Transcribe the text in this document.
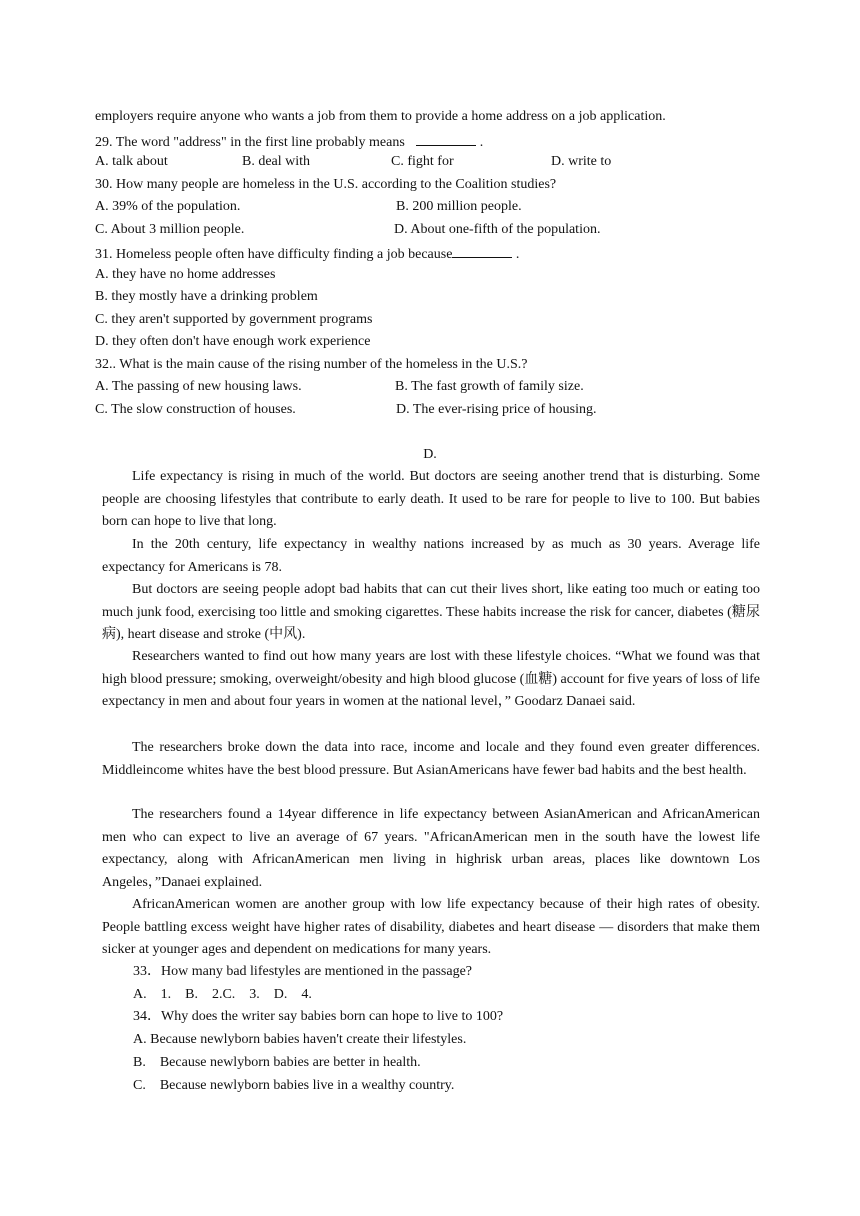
employers require anyone who wants a job from them to provide a home address on a job application.
29. The word "address" in the first line probably means	.
A. talk about	B. deal with	C. fight for	D. write to
30. How many people are homeless in the U.S. according to the Coalition studies?
A. 39% of the population.	B. 200 million people.
C. About 3 million people.	D. About one-fifth of the population.
31. Homeless people often have difficulty finding a job because	.
A. they have no home addresses
B. they mostly have a drinking problem
C. they aren't supported by government programs
D. they often don't have enough work experience
32.. What is the main cause of the rising number of the homeless in the U.S.?
A. The passing of new housing laws.	B. The fast growth of family size.
C. The slow construction of houses.	D. The ever-rising price of housing.
D.

Life expectancy is rising in much of the world. But doctors are seeing another trend that is disturbing. Some people are choosing lifestyles that contribute to early death. It used to be rare for people to live to 100. But babies born can hope to live that long.

In the 20th century, life expectancy in wealthy nations increased by as much as 30 years. Average life expectancy for Americans is 78.

But doctors are seeing people adopt bad habits that can cut their lives short, like eating too much or eating too much junk food, exercising too little and smoking cigarettes. These habits increase the risk for cancer, diabetes (糖尿病), heart disease and stroke (中风).

Researchers wanted to find out how many years are lost with these lifestyle choices. “What we found was that high blood pressure; smoking, overweight/obesity and high blood glucose (血糖) account for five years of loss of life expectancy in men and about four years in women at the national level，” Goodarz Danaei said.

The researchers broke down the data into race, income and locale and they found even greater differences. Middleincome whites have the best blood pressure. But AsianAmericans have fewer bad habits and the best health.

The researchers found a 14year difference in life expectancy between AsianAmerican and AfricanAmerican men who can expect to live an average of 67 years. "AfricanAmerican men in the south have the lowest life expectancy, along with AfricanAmerican men living in highrisk urban areas, places like downtown Los Angeles，”Danaei explained.

AfricanAmerican women are another group with low life expectancy because of their high rates of obesity. People battling excess weight have higher rates of disability, diabetes and heart disease — disorders that make them sicker at younger ages and dependent on medications for many years.

33．How many bad lifestyles are mentioned in the passage?
A.　1.　B.　2.C.　3.　D.　4.
34．Why does the writer say babies born can hope to live to 100?
A. Because newlyborn babies haven't create their lifestyles.
B.　Because newlyborn babies are better in health.
C.　Because newlyborn babies live in a wealthy country.
